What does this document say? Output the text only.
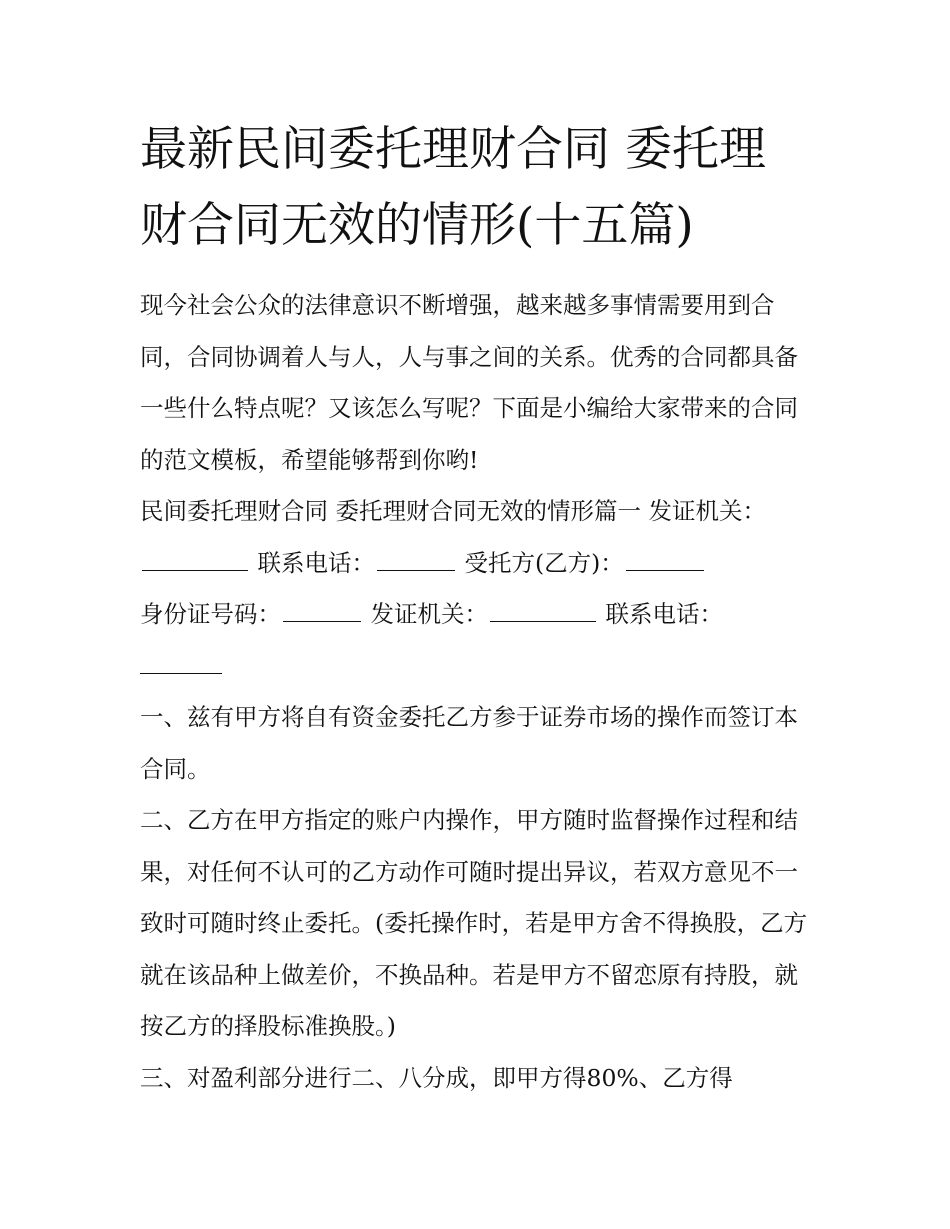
最新民间委托理财合同 委托理财合同无效的情形(十五篇)

现今社会公众的法律意识不断增强，越来越多事情需要用到合同，合同协调着人与人，人与事之间的关系。优秀的合同都具备一些什么特点呢？又该怎么写呢？下面是小编给大家带来的合同的范文模板，希望能够帮到你哟!

民间委托理财合同 委托理财合同无效的情形篇一 发证机关：

联系电话：	受托方(乙方)：
身份证号码：	发证机关：	联系电话：

一、兹有甲方将自有资金委托乙方参于证券市场的操作而签订本合同。

二、乙方在甲方指定的账户内操作，甲方随时监督操作过程和结果，对任何不认可的乙方动作可随时提出异议，若双方意见不一致时可随时终止委托。(委托操作时，若是甲方舍不得换股，乙方就在该品种上做差价，不换品种。若是甲方不留恋原有持股，就按乙方的择股标准换股。)

三、对盈利部分进行二、八分成，即甲方得80%、乙方得
